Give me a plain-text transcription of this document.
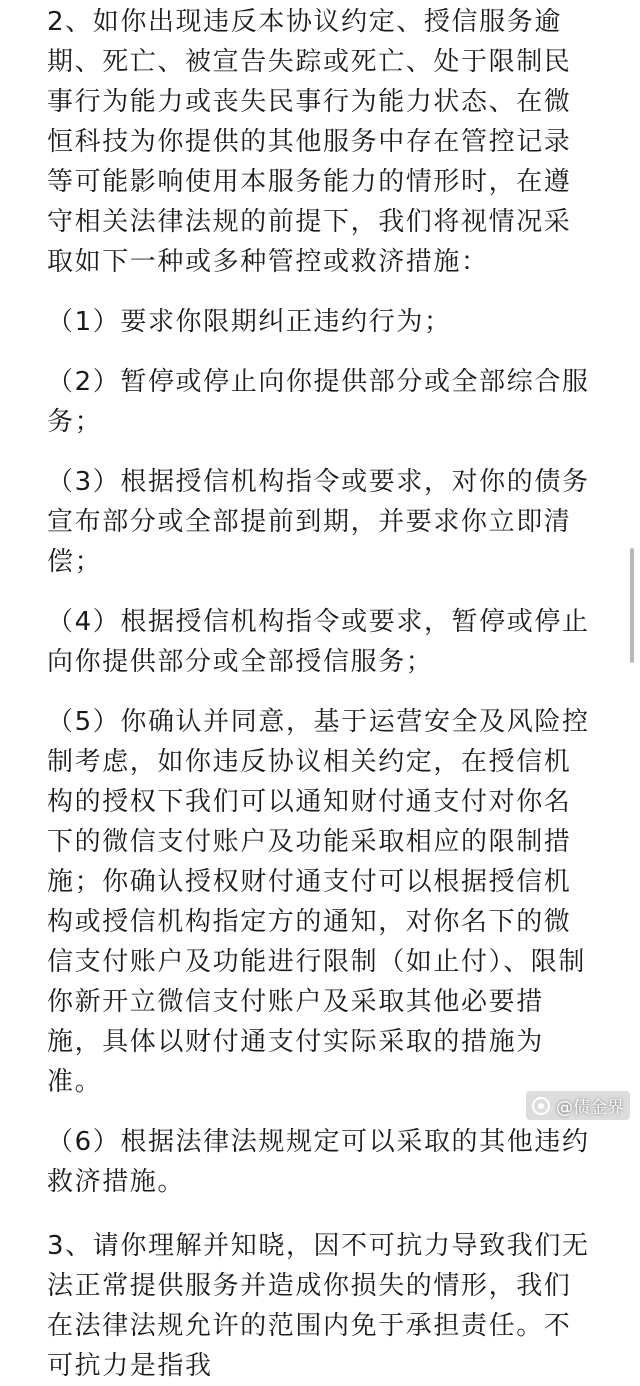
2、如你出现违反本协议约定、授信服务逾期、死亡、被宣告失踪或死亡、处于限制民事行为能力或丧失民事行为能力状态、在微恒科技为你提供的其他服务中存在管控记录等可能影响使用本服务能力的情形时，在遵守相关法律法规的前提下，我们将视情况采取如下一种或多种管控或救济措施：

（1）要求你限期纠正违约行为；

（2）暂停或停止向你提供部分或全部综合服务；

（3）根据授信机构指令或要求，对你的债务宣布部分或全部提前到期，并要求你立即清偿；

（4）根据授信机构指令或要求，暂停或停止向你提供部分或全部授信服务；

（5）你确认并同意，基于运营安全及风险控制考虑，如你违反协议相关约定，在授信机构的授权下我们可以通知财付通支付对你名下的微信支付账户及功能采取相应的限制措施；你确认授权财付通支付可以根据授信机构或授信机构指定方的通知，对你名下的微信支付账户及功能进行限制（如止付）、限制你新开立微信支付账户及采取其他必要措施，具体以财付通支付实际采取的措施为准。

（6）根据法律法规规定可以采取的其他违约救济措施。

3、请你理解并知晓，因不可抗力导致我们无法正常提供服务并造成你损失的情形，我们在法律法规允许的范围内免于承担责任。不可抗力是指我

@债金界
